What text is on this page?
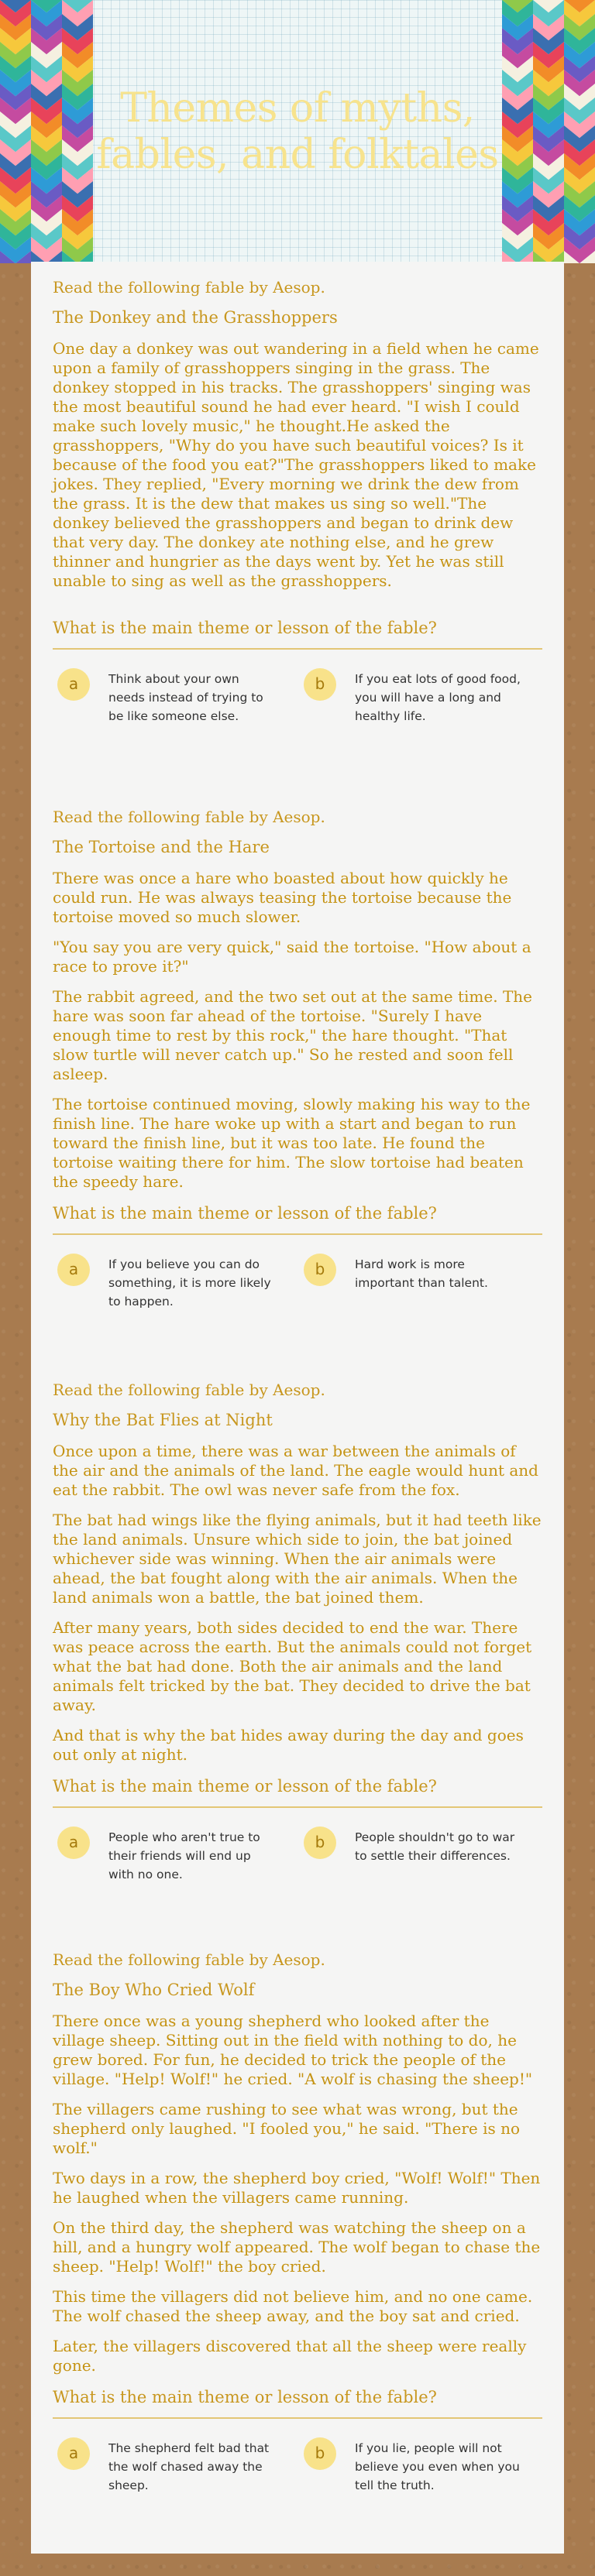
Themes of myths, fables, and folktales

Read the following fable by Aesop.

The Donkey and the Grasshoppers

One day a donkey was out wandering in a field when he came upon a family of grasshoppers singing in the grass. The donkey stopped in his tracks. The grasshoppers' singing was the most beautiful sound he had ever heard. "I wish I could make such lovely music," he thought.He asked the grasshoppers, "Why do you have such beautiful voices? Is it because of the food you eat?"The grasshoppers liked to make jokes. They replied, "Every morning we drink the dew from the grass. It is the dew that makes us sing so well."The donkey believed the grasshoppers and began to drink dew that very day. The donkey ate nothing else, and he grew thinner and hungrier as the days went by. Yet he was still unable to sing as well as the grasshoppers.

What is the main theme or lesson of the fable?

a	Think about your own needs instead of trying to be like someone else.
b	If you eat lots of good food, you will have a long and healthy life.

Read the following fable by Aesop.

The Tortoise and the Hare

There was once a hare who boasted about how quickly he could run. He was always teasing the tortoise because the tortoise moved so much slower.

"You say you are very quick," said the tortoise. "How about a race to prove it?"

The rabbit agreed, and the two set out at the same time. The hare was soon far ahead of the tortoise. "Surely I have enough time to rest by this rock," the hare thought. "That slow turtle will never catch up." So he rested and soon fell asleep.

The tortoise continued moving, slowly making his way to the finish line. The hare woke up with a start and began to run toward the finish line, but it was too late. He found the tortoise waiting there for him. The slow tortoise had beaten the speedy hare.

What is the main theme or lesson of the fable?

a	If you believe you can do something, it is more likely to happen.
b	Hard work is more important than talent.

Read the following fable by Aesop.

Why the Bat Flies at Night

Once upon a time, there was a war between the animals of the air and the animals of the land. The eagle would hunt and eat the rabbit. The owl was never safe from the fox.

The bat had wings like the flying animals, but it had teeth like the land animals. Unsure which side to join, the bat joined whichever side was winning. When the air animals were ahead, the bat fought along with the air animals. When the land animals won a battle, the bat joined them.

After many years, both sides decided to end the war. There was peace across the earth. But the animals could not forget what the bat had done. Both the air animals and the land animals felt tricked by the bat. They decided to drive the bat away.

And that is why the bat hides away during the day and goes out only at night.

What is the main theme or lesson of the fable?

a	People who aren't true to their friends will end up with no one.
b	People shouldn't go to war to settle their differences.

Read the following fable by Aesop.

The Boy Who Cried Wolf

There once was a young shepherd who looked after the village sheep. Sitting out in the field with nothing to do, he grew bored. For fun, he decided to trick the people of the village. "Help! Wolf!" he cried. "A wolf is chasing the sheep!"

The villagers came rushing to see what was wrong, but the shepherd only laughed. "I fooled you," he said. "There is no wolf."

Two days in a row, the shepherd boy cried, "Wolf! Wolf!" Then he laughed when the villagers came running.

On the third day, the shepherd was watching the sheep on a hill, and a hungry wolf appeared. The wolf began to chase the sheep. "Help! Wolf!" the boy cried.

This time the villagers did not believe him, and no one came. The wolf chased the sheep away, and the boy sat and cried.

Later, the villagers discovered that all the sheep were really gone.

What is the main theme or lesson of the fable?

a	The shepherd felt bad that the wolf chased away the sheep.
b	If you lie, people will not believe you even when you tell the truth.
